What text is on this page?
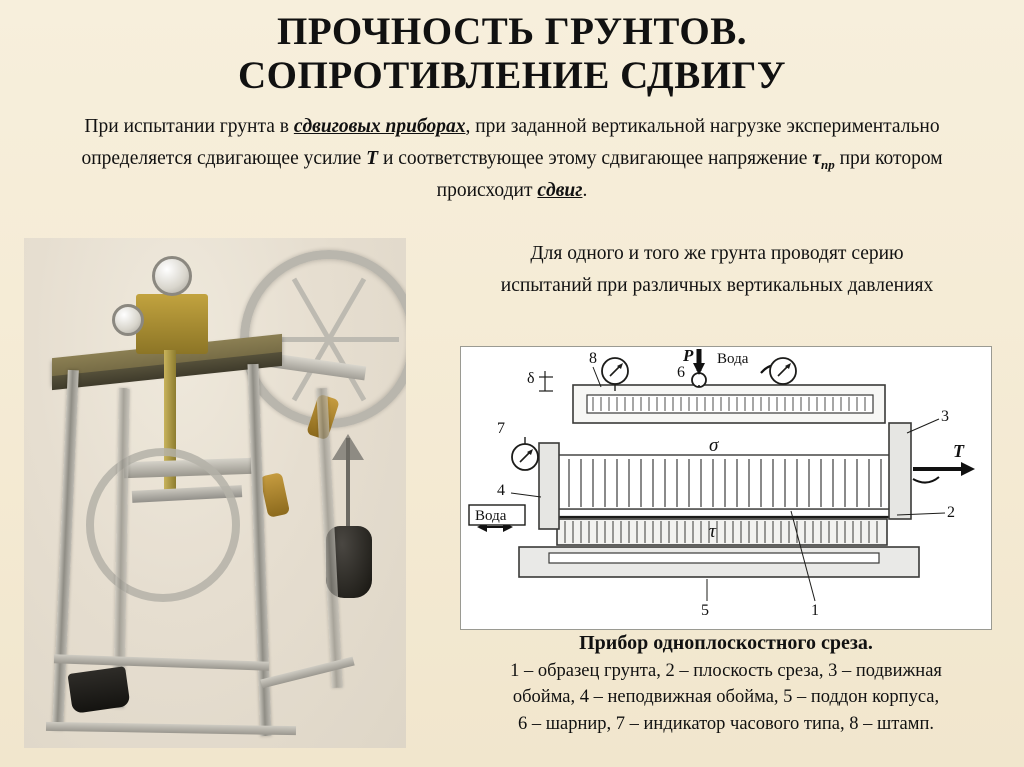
ПРОЧНОСТЬ ГРУНТОВ.
СОПРОТИВЛЕНИЕ СДВИГУ
При испытании грунта в сдвиговых приборах, при заданной вертикальной нагрузке экспериментально определяется сдвигающее усилие T и соответствующее этому сдвигающее напряжение $\tau_{пр}$ при котором происходит сдвиг.
Для одного и того же грунта проводят серию
испытаний при различных вертикальных давлениях
P Вода
δ
T
Вода
σ
τ
8
6
7
3
2
4
5	1
Прибор одноплоскостного среза.
1 – образец грунта, 2 – плоскость среза, 3 – подвижная
обойма, 4 – неподвижная обойма, 5 – поддон корпуса,
6 – шарнир, 7 – индикатор часового типа, 8 – штамп.
